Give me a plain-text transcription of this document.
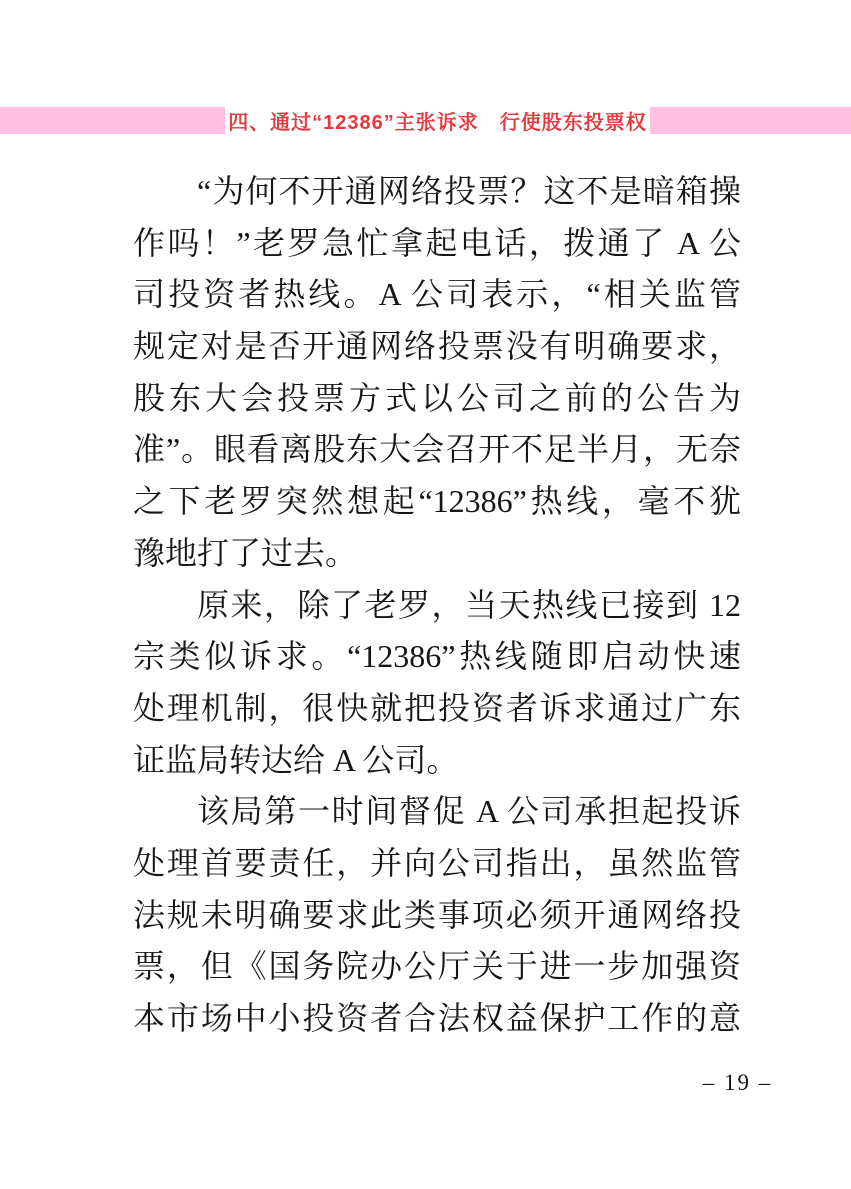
四、通过“12386”主张诉求　行使股东投票权
“为何不开通网络投票？这不是暗箱操
作吗！”老罗急忙拿起电话，拨通了 A 公
司投资者热线。A 公司表示，“相关监管
规定对是否开通网络投票没有明确要求，
股东大会投票方式以公司之前的公告为
准”。眼看离股东大会召开不足半月，无奈
之下老罗突然想起“12386”热线，毫不犹
豫地打了过去。
原来，除了老罗，当天热线已接到 12
宗类似诉求。“12386”热线随即启动快速
处理机制，很快就把投资者诉求通过广东
证监局转达给 A 公司。
该局第一时间督促 A 公司承担起投诉
处理首要责任，并向公司指出，虽然监管
法规未明确要求此类事项必须开通网络投
票，但《国务院办公厅关于进一步加强资
本市场中小投资者合法权益保护工作的意
– 19 –
